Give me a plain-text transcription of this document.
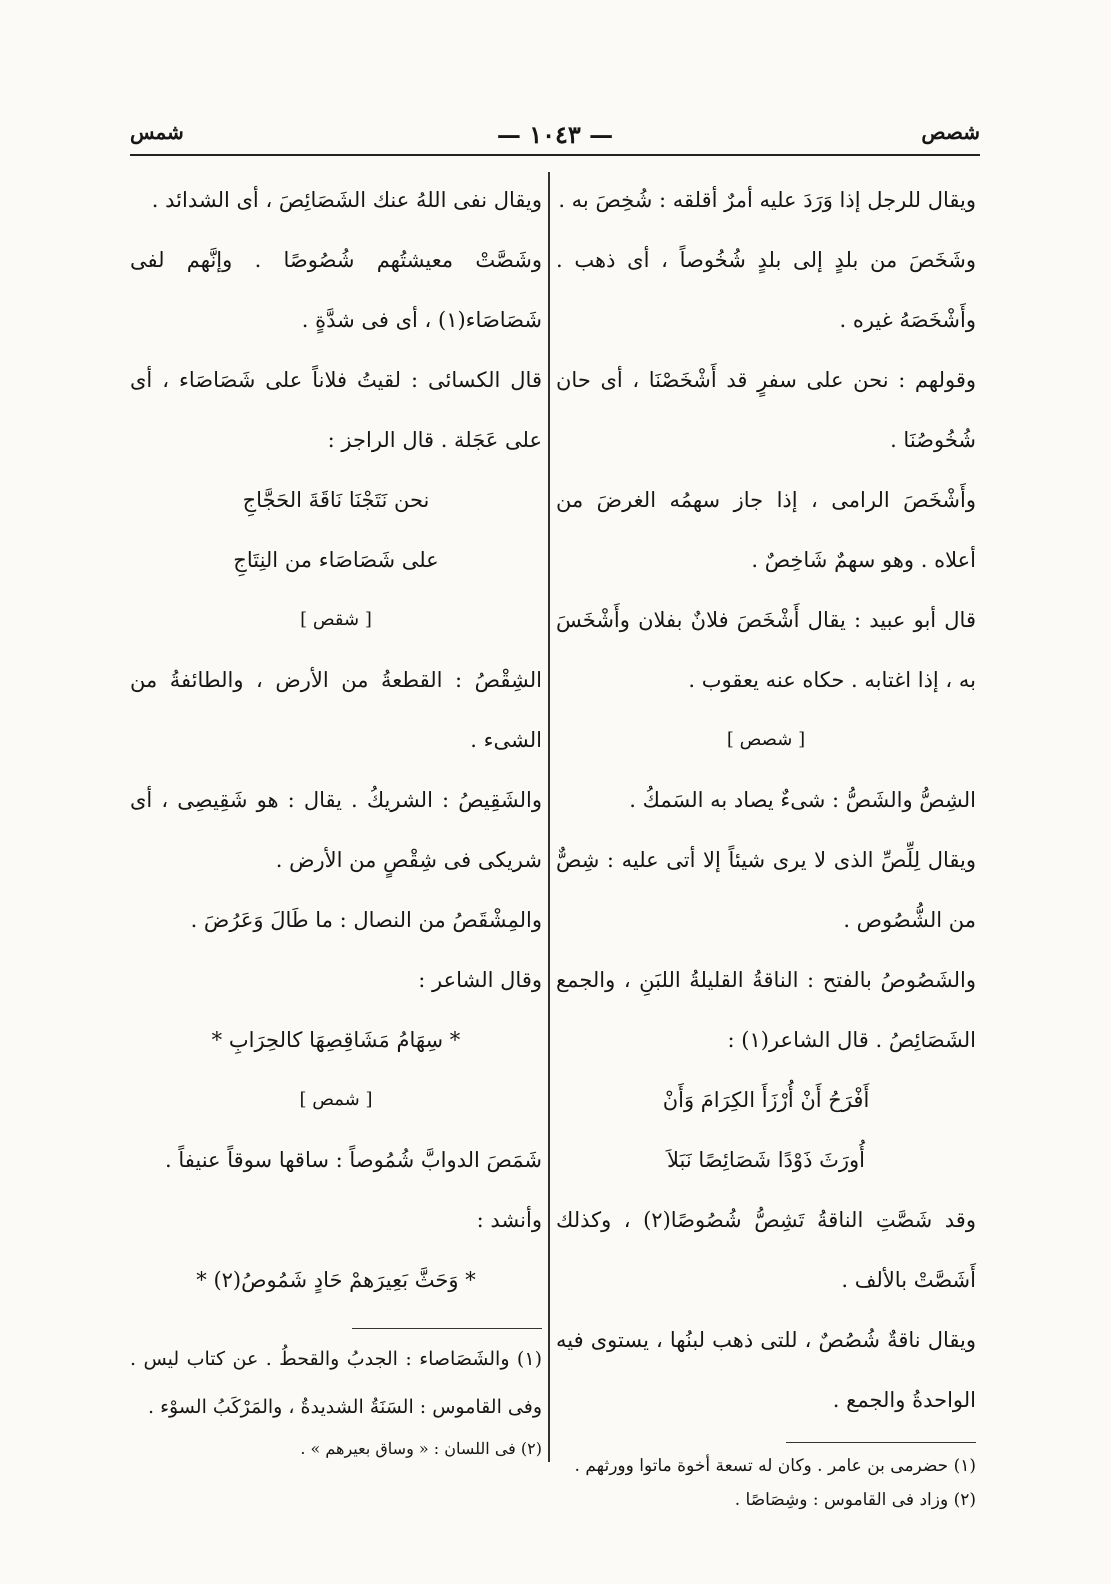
شصص
— ١٠٤٣ —
شمس

ويقال للرجل إذا وَرَدَ عليه أمرٌ أقلقه : شُخِصَ به .

وشَخَصَ من بلدٍ إلى بلدٍ شُخُوصاً ، أى ذهب . وأَشْخَصَهُ غيره .

وقولهم : نحن على سفرٍ قد أَشْخَصْنَا ، أى حان شُخُوصُنَا .

وأَشْخَصَ الرامى ، إذا جاز سهمُه الغرضَ من أعلاه . وهو سهمٌ شَاخِصٌ .

قال أبو عبيد : يقال أَشْخَصَ فلانٌ بفلان وأَشْخَسَ به ، إذا اغتابه . حكاه عنه يعقوب .

[ شصص ]

الشِصُّ والشَصُّ : شىءٌ يصاد به السَمكُ .

ويقال لِلِّصِّ الذى لا يرى شيئاً إلا أتى عليه : شِصٌّ من الشُّصُوص .

والشَصُوصُ بالفتح : الناقةُ القليلةُ اللبَنِ ، والجمع الشَصَائِصُ . قال الشاعر(١) :

أَفْرَحُ أَنْ أُرْزَأَ الكِرَامَ وَأَنْ

أُورَثَ ذَوْدًا شَصَائِصًا نَبَلاَ

وقد شَصَّتِ الناقةُ تَشِصُّ شُصُوصًا(٢) ، وكذلك أَشَصَّتْ بالألف .

ويقال ناقةٌ شُصُصٌ ، للتى ذهب لبنُها ، يستوى فيه الواحدةُ والجمع .

(١) حضرمى بن عامر . وكان له تسعة أخوة ماتوا وورثهم .

(٢) وزاد فى القاموس : وشِصَاصًا .

ويقال نفى اللهُ عنك الشَصَائِصَ ، أى الشدائد .

وشَصَّتْ معيشتُهم شُصُوصًا . وإنَّهم لفى شَصَاصَاء(١) ، أى فى شدَّةٍ .

قال الكسائى : لقيتُ فلاناً على شَصَاصَاء ، أى على عَجَلة . قال الراجز :

نحن نَتَجْنَا نَاقَةَ الحَجَّاجِ

على شَصَاصَاء من النِتَاجِ

[ شقص ]

الشِقْصُ : القطعةُ من الأرض ، والطائفةُ من الشىء .

والشَقِيصُ : الشريكُ . يقال : هو شَقِيصِى ، أى شريكى فى شِقْصٍ من الأرض .

والمِشْقَصُ من النصال : ما طَالَ وَعَرُضَ .

وقال الشاعر :

* سِهَامُ مَشَاقِصِهَا كالحِرَابِ *

[ شمص ]

شَمَصَ الدوابَّ شُمُوصاً : ساقها سوقاً عنيفاً .

وأنشد :

* وَحَثَّ بَعِيرَهمْ حَادٍ شَمُوصُ(٢) *

(١) والشَصَاصاء : الجدبُ والقحطُ . عن كتاب ليس . وفى القاموس : السَنَةُ الشديدةُ ، والمَرْكَبُ السوْء .

(٢) فى اللسان : « وساق بعيرهم » .
